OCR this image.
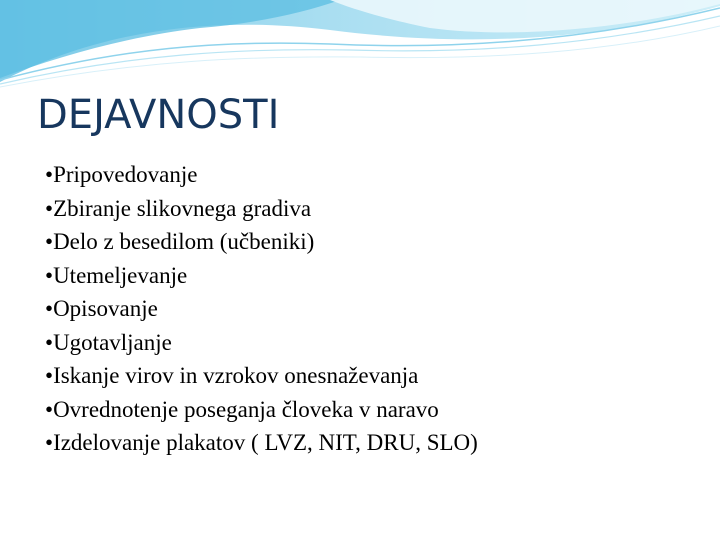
DEJAVNOSTI
•Pripovedovanje
•Zbiranje slikovnega gradiva
•Delo z besedilom (učbeniki)
•Utemeljevanje
•Opisovanje
•Ugotavljanje
•Iskanje virov in vzrokov onesnaževanja
•Ovrednotenje poseganja človeka v naravo
•Izdelovanje plakatov ( LVZ, NIT, DRU, SLO)
